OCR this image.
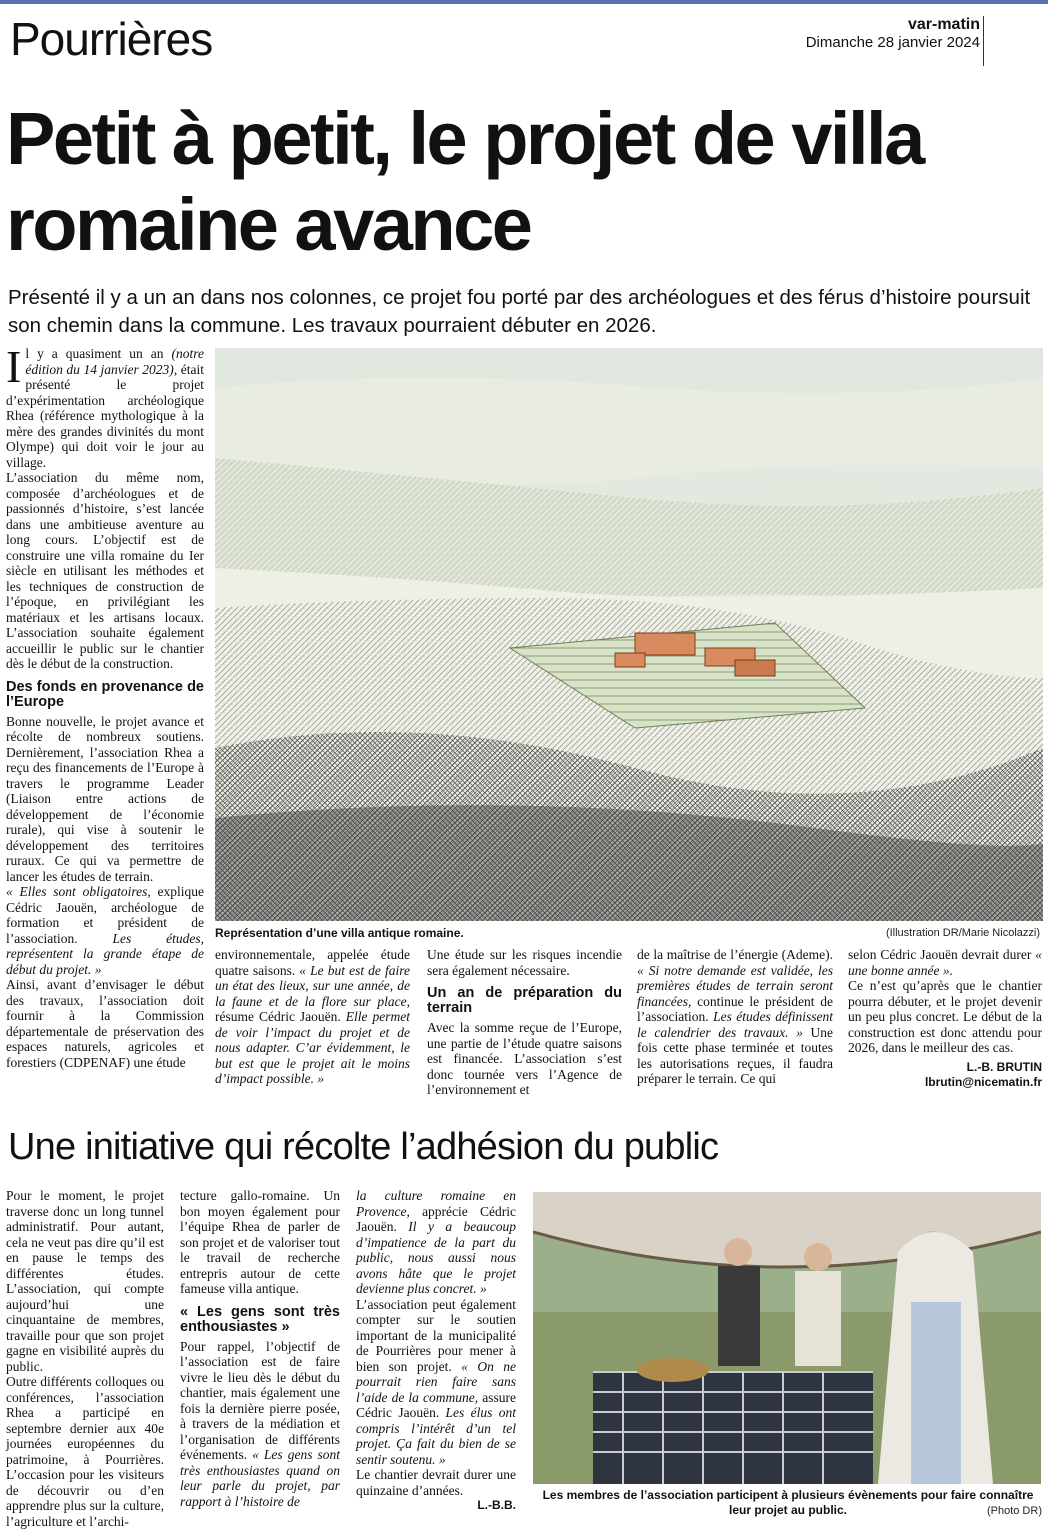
Pourrières	var-matin
Dimanche 28 janvier 2024
Petit à petit, le projet de villa romaine avance
Présenté il y a un an dans nos colonnes, ce projet fou porté par des archéologues et des férus d’histoire poursuit son chemin dans la commune. Les travaux pourraient débuter en 2026.

Il y a quasiment un an (notre édition du 14 janvier 2023), était présenté le projet d’expérimentation archéologique Rhea (référence mythologique à la mère des grandes divinités du mont Olympe) qui doit voir le jour au village.

L’association du même nom, composée d’archéologues et de passionnés d’histoire, s’est lancée dans une ambitieuse aventure au long cours. L’objectif est de construire une villa romaine du Ier siècle en utilisant les méthodes et les techniques de construction de l’époque, en privilégiant les matériaux et les artisans locaux. L’association souhaite également accueillir le public sur le chantier dès le début de la construction.

Des fonds en provenance de l’Europe

Bonne nouvelle, le projet avance et récolte de nombreux soutiens. Dernièrement, l’association Rhea a reçu des financements de l’Europe à travers le programme Leader (Liaison entre actions de développement de l’économie rurale), qui vise à soutenir le développement des territoires ruraux. Ce qui va permettre de lancer les études de terrain.

« Elles sont obligatoires, explique Cédric Jaouën, archéologue de formation et président de l’association. Les études, représentent la grande étape de début du projet. »

Ainsi, avant d’envisager le début des travaux, l’association doit fournir à la Commission départementale de préservation des espaces naturels, agricoles et forestiers (CDPENAF) une étude

Représentation d’une villa antique romaine.	(Illustration DR/Marie Nicolazzi)

environnementale, appelée étude quatre saisons. « Le but est de faire un état des lieux, sur une année, de la faune et de la flore sur place, résume Cédric Jaouën. Elle permet de voir l’impact du projet et de nous adapter. C’ar évidemment, le but est que le projet ait le moins d’impact possible. »

Une étude sur les risques incendie sera également nécessaire.

Un an de préparation du terrain

Avec la somme reçue de l’Europe, une partie de l’étude quatre saisons est financée. L’association s’est donc tournée vers l’Agence de l’environnement et

de la maîtrise de l’énergie (Ademe). « Si notre demande est validée, les premières études de terrain seront financées, continue le président de l’association. Les études définissent le calendrier des travaux. » Une fois cette phase terminée et toutes les autorisations reçues, il faudra préparer le terrain. Ce qui

selon Cédric Jaouën devrait durer « une bonne année ».

Ce n’est qu’après que le chantier pourra débuter, et le projet devenir un peu plus concret. Le début de la construction est donc attendu pour 2026, dans le meilleur des cas.

L.-B. BRUTIN
lbrutin@nicematin.fr
Une initiative qui récolte l’adhésion du public

Pour le moment, le projet traverse donc un long tunnel administratif. Pour autant, cela ne veut pas dire qu’il est en pause le temps des différentes études. L’association, qui compte aujourd’hui une cinquantaine de membres, travaille pour que son projet gagne en visibilité auprès du public.

Outre différents colloques ou conférences, l’association Rhea a participé en septembre dernier aux 40e journées européennes du patrimoine, à Pourrières. L’occasion pour les visiteurs de découvrir ou d’en apprendre plus sur la culture, l’agriculture et l’archi-

tecture gallo-romaine. Un bon moyen également pour l’équipe Rhea de parler de son projet et de valoriser tout le travail de recherche entrepris autour de cette fameuse villa antique.

« Les gens sont très enthousiastes »

Pour rappel, l’objectif de l’association est de faire vivre le lieu dès le début du chantier, mais également une fois la dernière pierre posée, à travers de la médiation et l’organisation de différents événements. « Les gens sont très enthousiastes quand on leur parle du projet, par rapport à l’histoire de

la culture romaine en Provence, apprécie Cédric Jaouën. Il y a beaucoup d’impatience de la part du public, nous aussi nous avons hâte que le projet devienne plus concret. »

L’association peut également compter sur le soutien important de la municipalité de Pourrières pour mener à bien son projet. « On ne pourrait rien faire sans l’aide de la commune, assure Cédric Jaouën. Les élus ont compris l’intérêt d’un tel projet. Ça fait du bien de se sentir soutenu. »

Le chantier devrait durer une quinzaine d’années.

L.-B.B.
Les membres de l’association participent à plusieurs évènements pour faire connaître leur projet au public.	(Photo DR)
